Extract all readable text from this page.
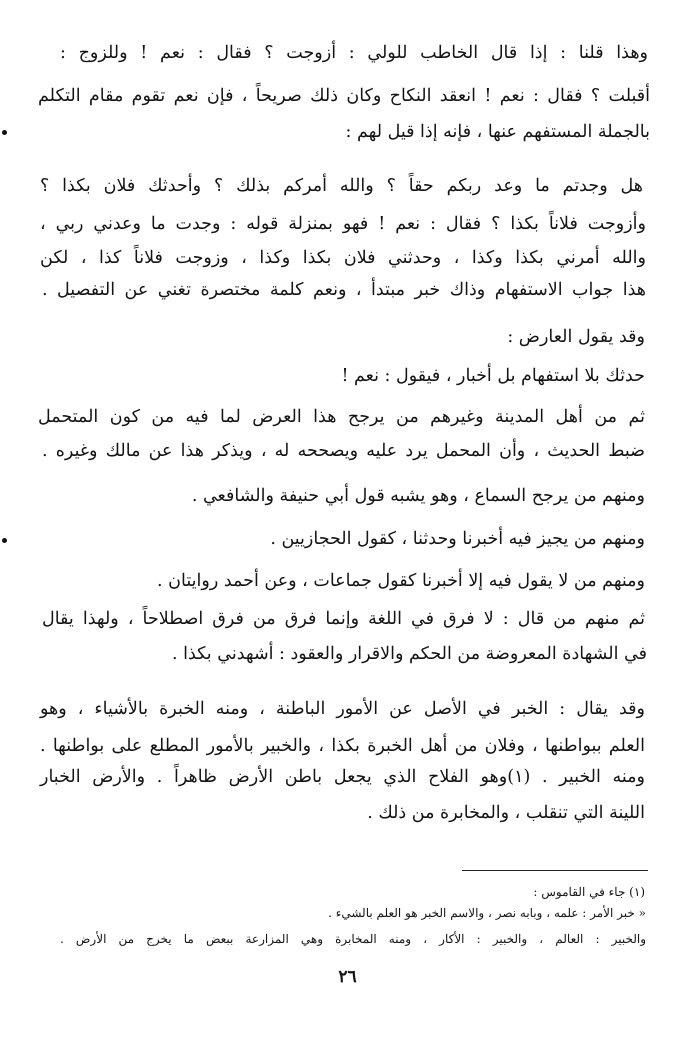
وهذا قلنا : إذا قال الخاطب للولي : أزوجت ؟ فقال : نعم ! وللزوج :
أقبلت ؟ فقال : نعم ! انعقد النكاح وكان ذلك صريحاً ، فإن نعم تقوم مقام التكلم
بالجملة المستفهم عنها ، فإنه إذا قيل لهم :
هل وجدتم ما وعد ربكم حقاً ؟ والله أمركم بذلك ؟ وأحدثك فلان بكذا ؟
وأزوجت فلاناً بكذا ؟ فقال : نعم ! فهو بمنزلة قوله : وجدت ما وعدني ربي ،
والله أمرني بكذا وكذا ، وحدثني فلان بكذا وكذا ، وزوجت فلاناً كذا ، لكن
هذا جواب الاستفهام وذاك خبر مبتدأ ، ونعم كلمة مختصرة تغني عن التفصيل .
وقد يقول العارض :
حدثك بلا استفهام بل أخبار ، فيقول : نعم !
ثم من أهل المدينة وغيرهم من يرجح هذا العرض لما فيه من كون المتحمل
ضبط الحديث ، وأن المحمل يرد عليه ويصححه له ، ويذكر هذا عن مالك وغيره .
ومنهم من يرجح السماع ، وهو يشبه قول أبي حنيفة والشافعي .
ومنهم من يجيز فيه أخبرنا وحدثنا ، كقول الحجازيين .
ومنهم من لا يقول فيه إلا أخبرنا كقول جماعات ، وعن أحمد روايتان .
ثم منهم من قال : لا فرق في اللغة وإنما فرق من فرق اصطلاحاً ، ولهذا يقال
في الشهادة المعروضة من الحكم والاقرار والعقود : أشهدني بكذا .
وقد يقال : الخبر في الأصل عن الأمور الباطنة ، ومنه الخبرة بالأشياء ، وهو
العلم ببواطنها ، وفلان من أهل الخبرة بكذا ، والخبير بالأمور المطلع على بواطنها .
ومنه الخبير . (١)وهو الفلاح الذي يجعل باطن الأرض ظاهراً . والأرض الخبار
اللينة التي تنقلب ، والمخابرة من ذلك .
(١) جاء في القاموس :
« خبر الأمر : علمه ، وبابه نصر ، والاسم الخبر هو العلم بالشيء .
والخبير : العالم ، والخبير : الأكار ، ومنه المخابرة وهي المزارعة ببعض ما يخرج من الأرض .
٢٦
